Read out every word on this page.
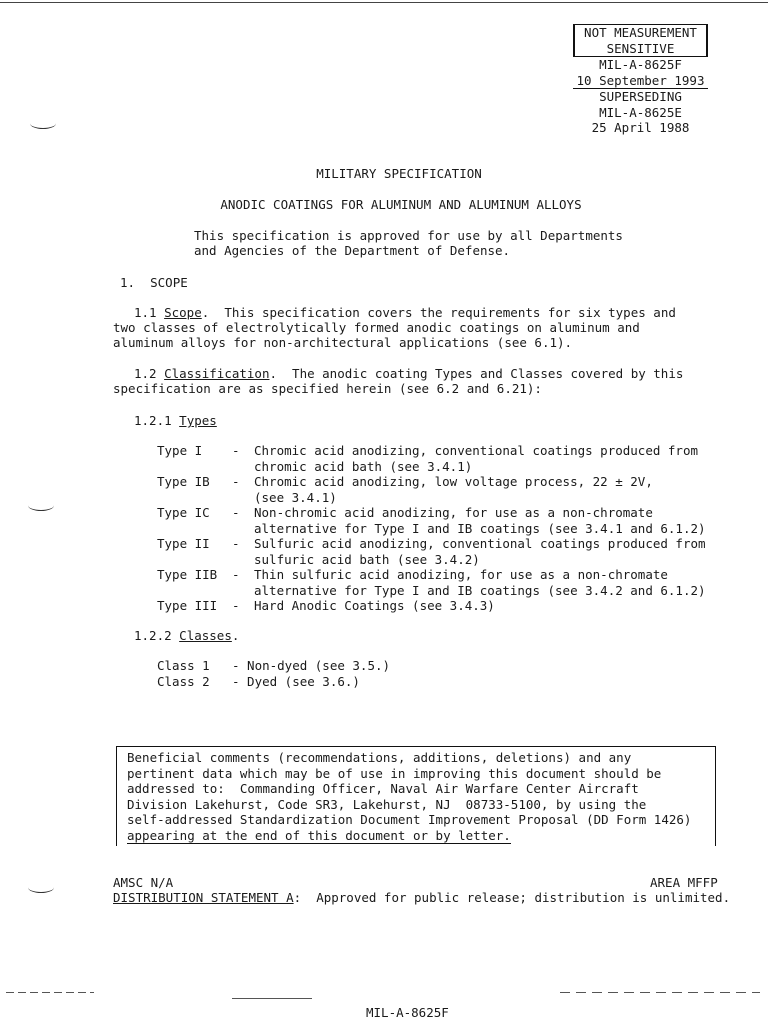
NOT MEASUREMENT
SENSITIVE
MIL-A-8625F
10 September 1993
SUPERSEDING
MIL-A-8625E
25 April 1988
MILITARY SPECIFICATION
ANODIC COATINGS FOR ALUMINUM AND ALUMINUM ALLOYS
This specification is approved for use by all Departments
and Agencies of the Department of Defense.
1. SCOPE
1.1 Scope.  This specification covers the requirements for six types and
two classes of electrolytically formed anodic coatings on aluminum and
aluminum alloys for non-architectural applications (see 6.1).
1.2 Classification.  The anodic coating Types and Classes covered by this
specification are as specified herein (see 6.2 and 6.21):
1.2.1 Types
Type I	-	Chromic acid anodizing, conventional coatings produced from
chromic acid bath (see 3.4.1)
Type IB	-	Chromic acid anodizing, low voltage process, 22 ± 2V,
(see 3.4.1)
Type IC	-	Non-chromic acid anodizing, for use as a non-chromate
alternative for Type I and IB coatings (see 3.4.1 and 6.1.2)
Type II	-	Sulfuric acid anodizing, conventional coatings produced from
sulfuric acid bath (see 3.4.2)
Type IIB	-	Thin sulfuric acid anodizing, for use as a non-chromate
alternative for Type I and IB coatings (see 3.4.2 and 6.1.2)
Type III	-	Hard Anodic Coatings (see 3.4.3)
1.2.2 Classes.
Class 1	- Non-dyed (see 3.5.)
Class 2	- Dyed (see 3.6.)
Beneficial comments (recommendations, additions, deletions) and any
pertinent data which may be of use in improving this document should be
addressed to:  Commanding Officer, Naval Air Warfare Center Aircraft
Division Lakehurst, Code SR3, Lakehurst, NJ  08733-5100, by using the
self-addressed Standardization Document Improvement Proposal (DD Form 1426)
appearing at the end of this document or by letter.
AMSC N/A	AREA MFFP
DISTRIBUTION STATEMENT A:  Approved for public release; distribution is unlimited.
MIL-A-8625F
